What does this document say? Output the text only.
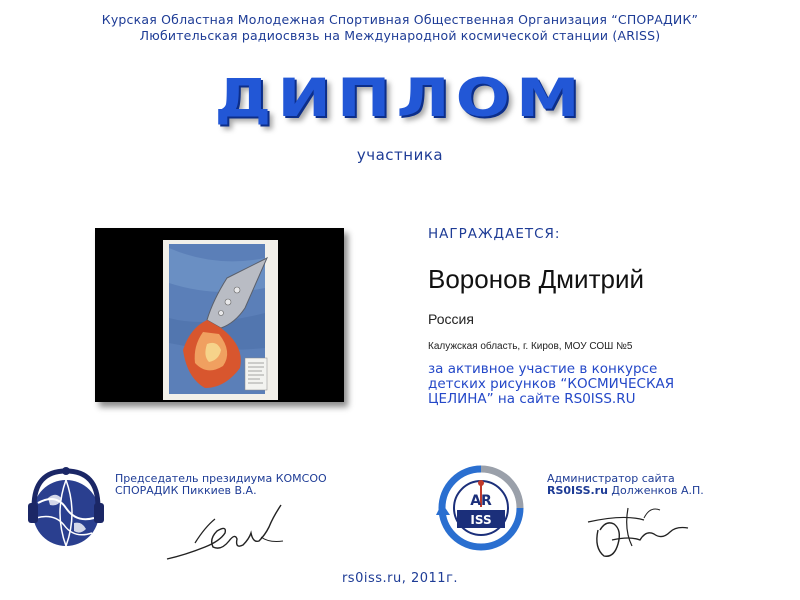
Курская Областная Молодежная Спортивная Общественная Организация “СПОРАДИК”
Любительская радиосвязь на Международной космической станции (ARISS)
ДИПЛОМ
участника
НАГРАЖДАЕТСЯ:
Воронов Дмитрий
Россия
Калужская область, г. Киров, МОУ СОШ №5
за активное участие в конкурсе
детских рисунков “КОСМИЧЕСКАЯ
ЦЕЛИНА” на сайте RS0ISS.RU
Председатель президиума КОМСОО
СПОРАДИК Пиккиев В.А.
AR
ISS
Администратор сайта
RS0ISS.ru Долженков А.П.
rs0iss.ru, 2011г.
